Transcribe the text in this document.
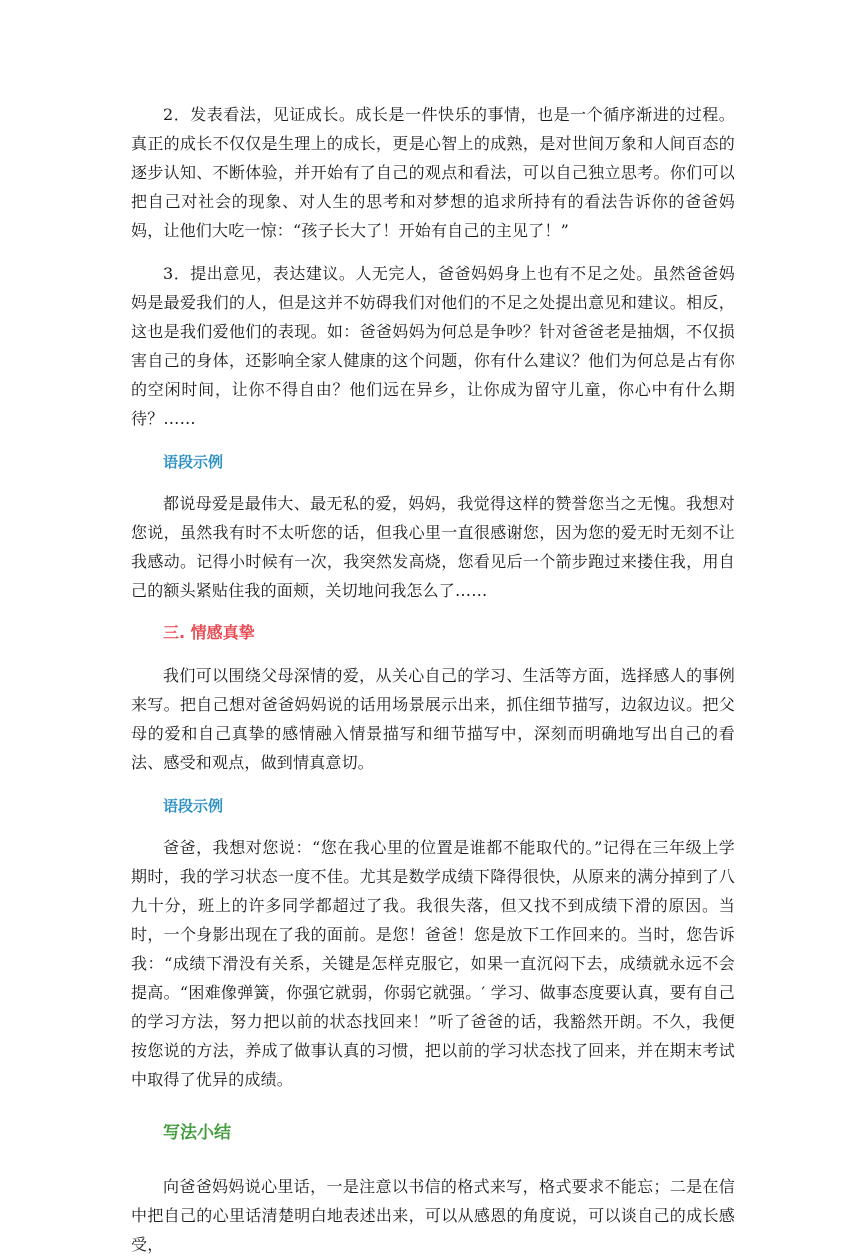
2．发表看法，见证成长。成长是一件快乐的事情，也是一个循序渐进的过程。真正的成长不仅仅是生理上的成长，更是心智上的成熟，是对世间万象和人间百态的逐步认知、不断体验，并开始有了自己的观点和看法，可以自己独立思考。你们可以把自己对社会的现象、对人生的思考和对梦想的追求所持有的看法告诉你的爸爸妈妈，让他们大吃一惊：“孩子长大了！开始有自己的主见了！”

3．提出意见，表达建议。人无完人，爸爸妈妈身上也有不足之处。虽然爸爸妈妈是最爱我们的人，但是这并不妨碍我们对他们的不足之处提出意见和建议。相反，这也是我们爱他们的表现。如：爸爸妈妈为何总是争吵？针对爸爸老是抽烟，不仅损害自己的身体，还影响全家人健康的这个问题，你有什么建议？他们为何总是占有你的空闲时间，让你不得自由？他们远在异乡，让你成为留守儿童，你心中有什么期待？……

语段示例

都说母爱是最伟大、最无私的爱，妈妈，我觉得这样的赞誉您当之无愧。我想对您说，虽然我有时不太听您的话，但我心里一直很感谢您，因为您的爱无时无刻不让我感动。记得小时候有一次，我突然发高烧，您看见后一个箭步跑过来搂住我，用自己的额头紧贴住我的面颊，关切地问我怎么了……

三. 情感真挚

我们可以围绕父母深情的爱，从关心自己的学习、生活等方面，选择感人的事例来写。把自己想对爸爸妈妈说的话用场景展示出来，抓住细节描写，边叙边议。把父母的爱和自己真挚的感情融入情景描写和细节描写中，深刻而明确地写出自己的看法、感受和观点，做到情真意切。

语段示例

爸爸，我想对您说：“您在我心里的位置是谁都不能取代的。”记得在三年级上学期时，我的学习状态一度不佳。尤其是数学成绩下降得很快，从原来的满分掉到了八九十分，班上的许多同学都超过了我。我很失落，但又找不到成绩下滑的原因。当时，一个身影出现在了我的面前。是您！爸爸！您是放下工作回来的。当时，您告诉我：“成绩下滑没有关系，关键是怎样克服它，如果一直沉闷下去，成绩就永远不会提高。“困难像弹簧，你强它就弱，你弱它就强。′ 学习、做事态度要认真，要有自己的学习方法，努力把以前的状态找回来！”听了爸爸的话，我豁然开朗。不久，我便按您说的方法，养成了做事认真的习惯，把以前的学习状态找了回来，并在期末考试中取得了优异的成绩。

写法小结

向爸爸妈妈说心里话，一是注意以书信的格式来写，格式要求不能忘；二是在信中把自己的心里话清楚明白地表述出来，可以从感恩的角度说，可以谈自己的成长感受，
